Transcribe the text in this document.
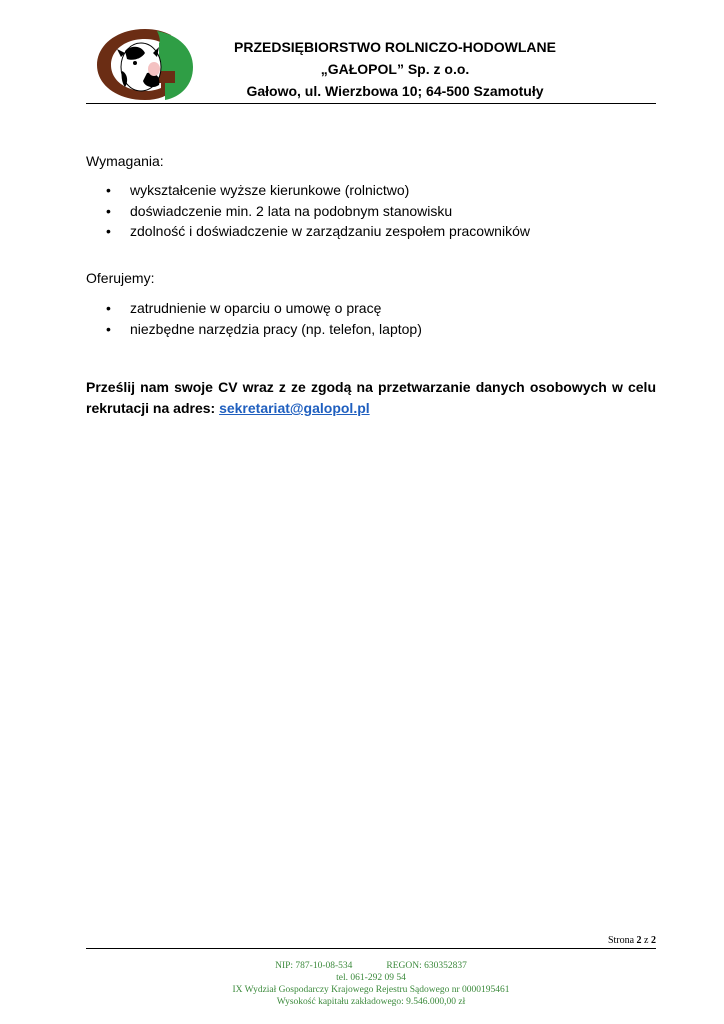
PRZEDSIĘBIORSTWO ROLNICZO-HODOWLANE
„GAŁOPOL” Sp. z o.o.
Gałowo, ul. Wierzbowa 10; 64-500 Szamotuły
Wymagania:
• wykształcenie wyższe kierunkowe (rolnictwo)
• doświadczenie min. 2 lata na podobnym stanowisku
• zdolność i doświadczenie w zarządzaniu zespołem pracowników
Oferujemy:
• zatrudnienie w oparciu o umowę o pracę
• niezbędne narzędzia pracy (np. telefon, laptop)
Prześlij nam swoje CV wraz z ze zgodą na przetwarzanie danych osobowych w celu rekrutacji na adres: sekretariat@galopol.pl
Strona 2 z 2
NIP: 787-10-08-534	REGON: 630352837
tel. 061-292 09 54
IX Wydział Gospodarczy Krajowego Rejestru Sądowego nr 0000195461
Wysokość kapitału zakładowego: 9.546.000,00 zł
